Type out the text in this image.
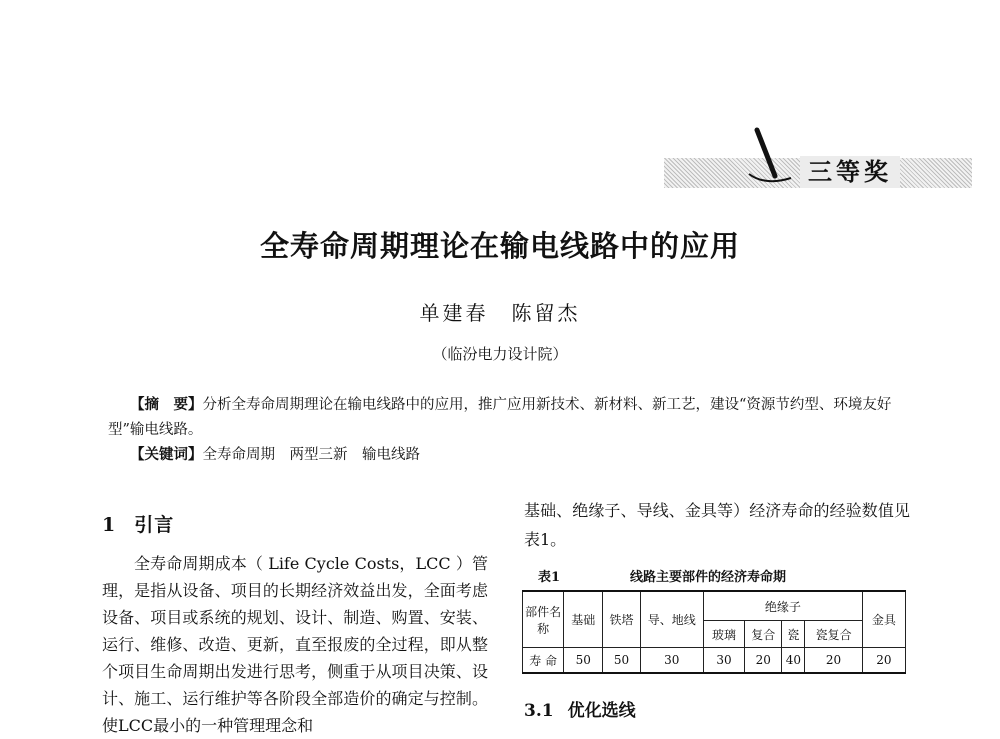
三等奖
全寿命周期理论在输电线路中的应用
单建春　陈留杰
（临汾电力设计院）
【摘　要】分析全寿命周期理论在输电线路中的应用，推广应用新技术、新材料、新工艺，建设“资源节约型、环境友好型”输电线路。
【关键词】全寿命周期　两型三新　输电线路
1 引言
全寿命周期成本（ Life Cycle Costs，LCC ）管理，是指从设备、项目的长期经济效益出发，全面考虑设备、项目或系统的规划、设计、制造、购置、安装、运行、维修、改造、更新，直至报废的全过程，即从整个项目生命周期出发进行思考，侧重于从项目决策、设计、施工、运行维护等各阶段全部造价的确定与控制。使LCC最小的一种管理理念和
基础、绝缘子、导线、金具等）经济寿命的经验数值见表1。
表1	线路主要部件的经济寿命期
部件名称	基础	铁塔	导、地线	绝缘子				金具
				玻璃	复合	瓷	瓷复合	
寿 命	50	50	30	30	20	40	20	20
3.1 优化选线
